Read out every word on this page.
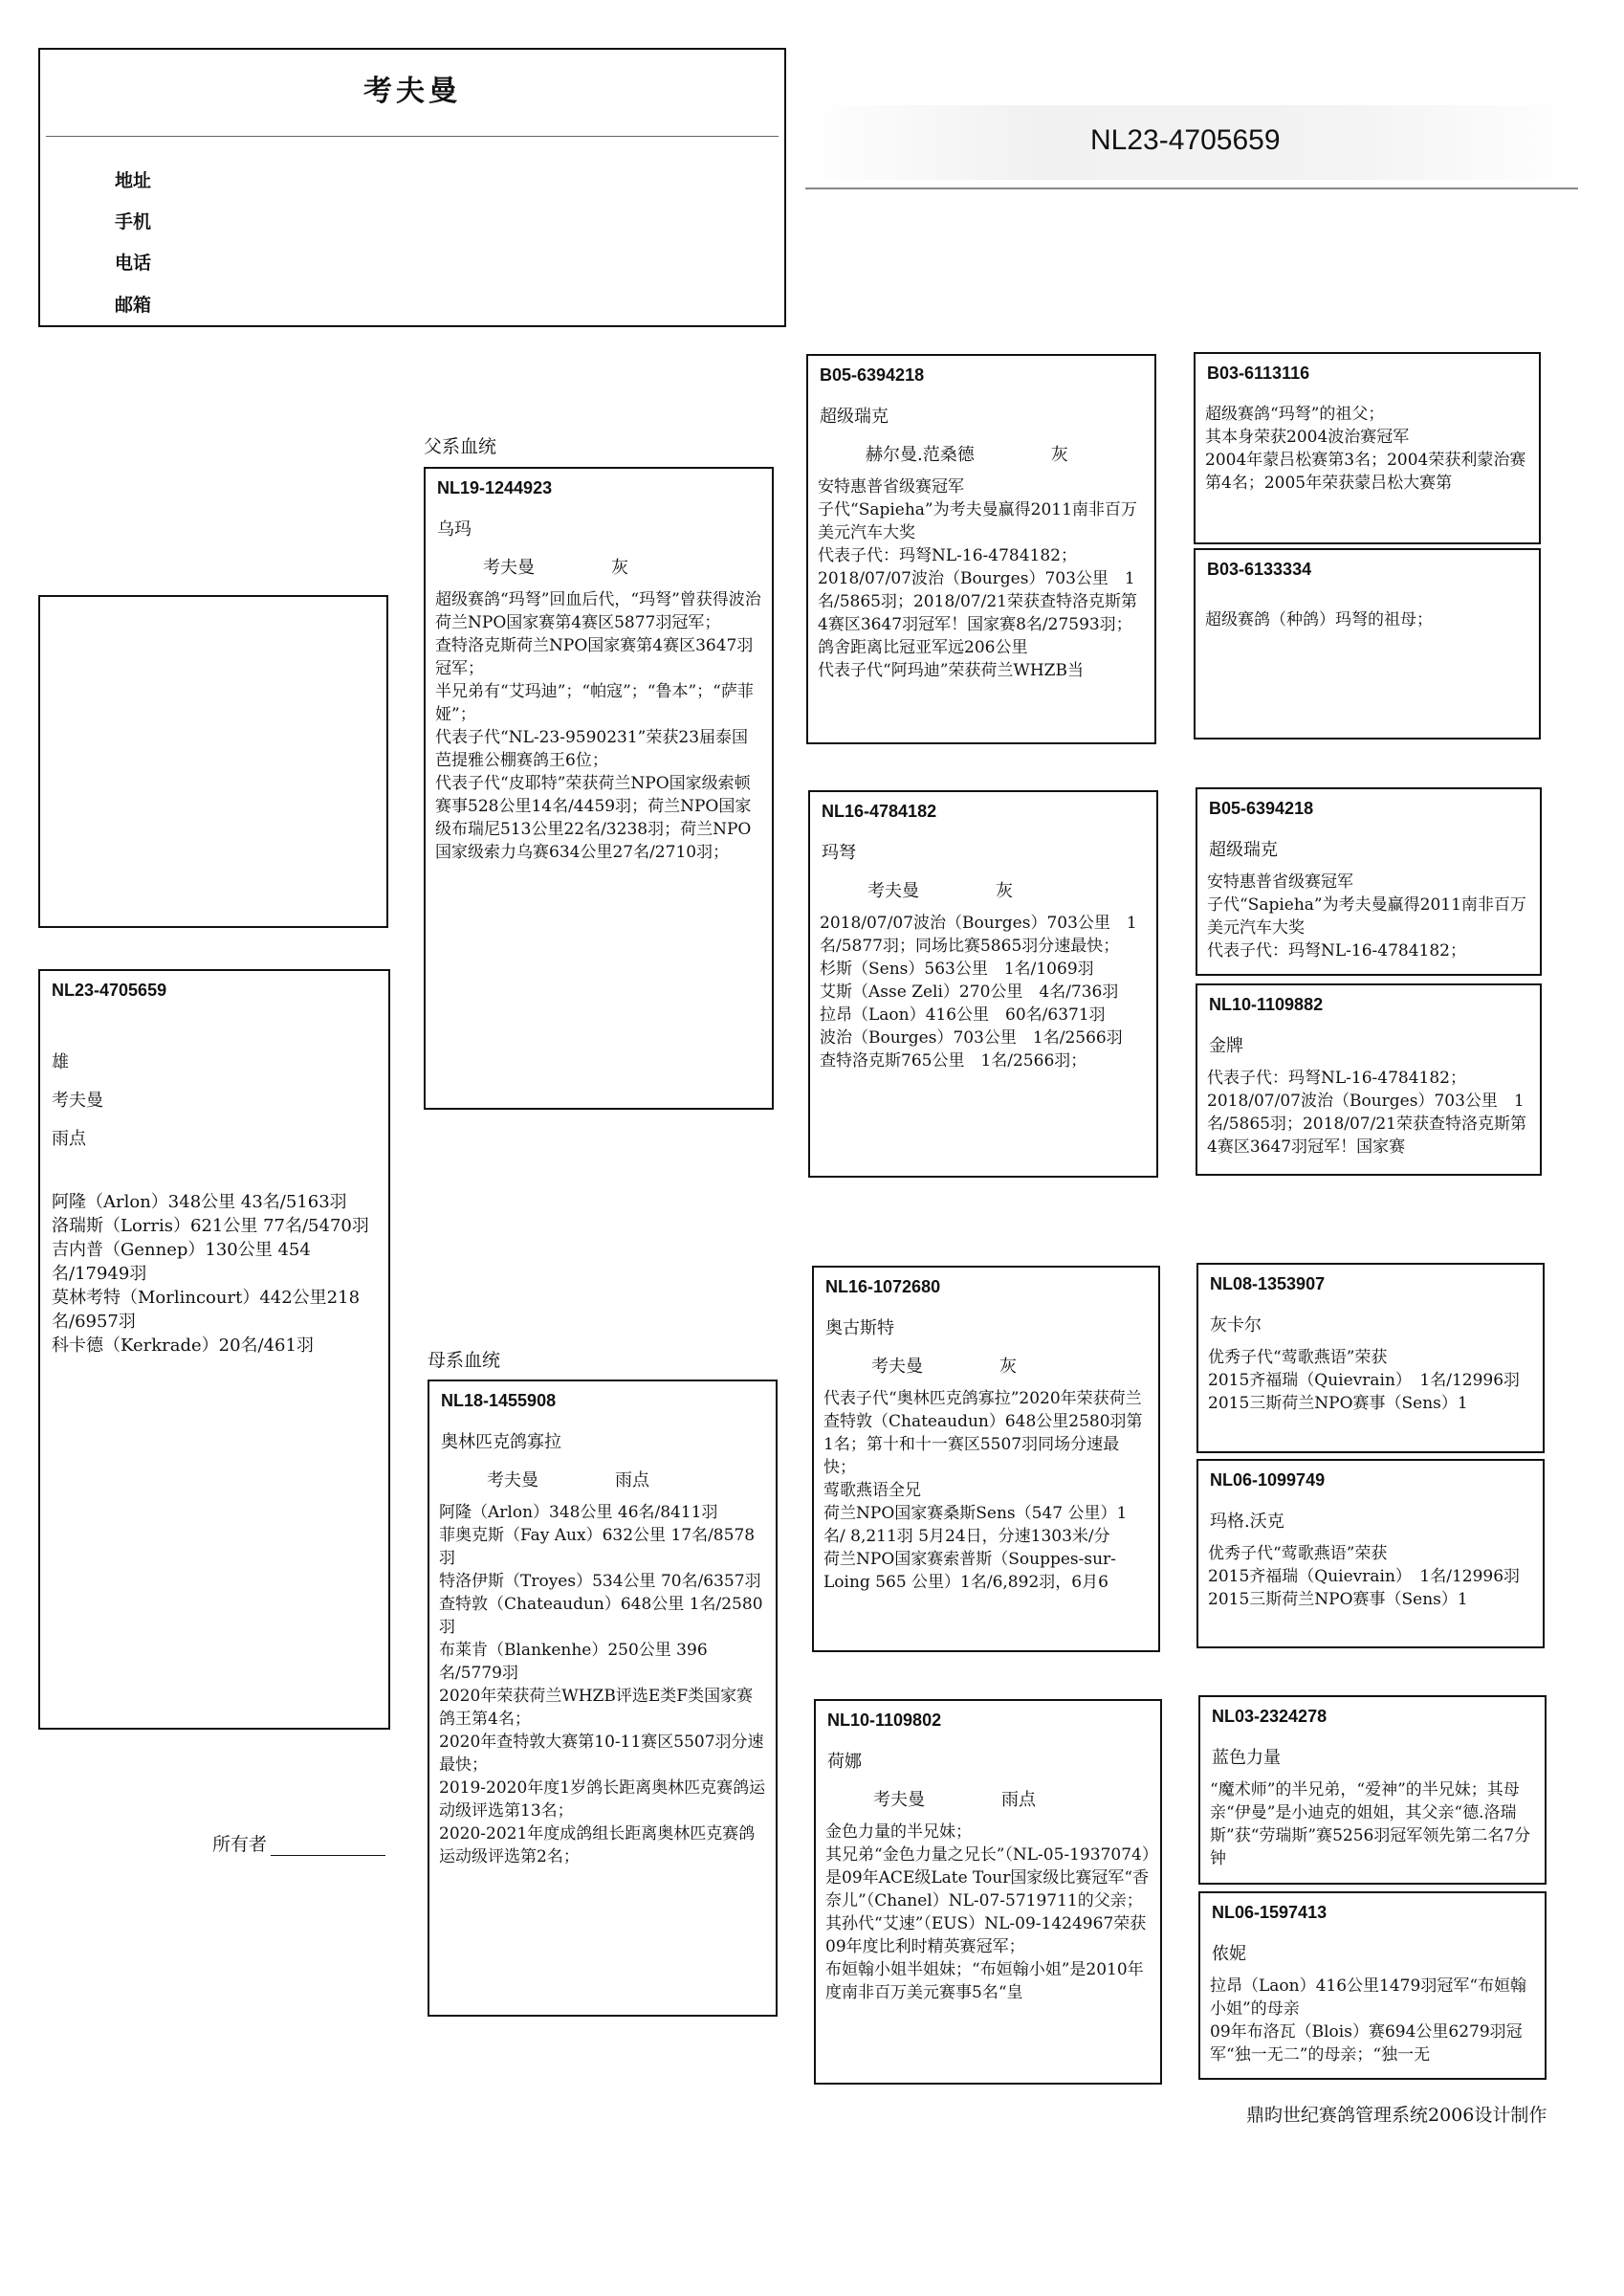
考夫曼
地址
手机
电话
邮箱
NL23-4705659
NL23-4705659
雄
考夫曼
雨点
阿隆（Arlon）348公里 43名/5163羽
洛瑞斯（Lorris）621公里 77名/5470羽
吉内普（Gennep）130公里 454名/17949羽
莫林考特（Morlincourt）442公里218名/6957羽
科卡德（Kerkrade）20名/461羽
所有者
父系血统
NL19-1244923
乌玛
考夫曼	灰
超级赛鸽“玛弩”回血后代，“玛弩”曾获得波治荷兰NPO国家赛第4赛区5877羽冠军；
查特洛克斯荷兰NPO国家赛第4赛区3647羽冠军；
半兄弟有“艾玛迪”；“帕寇”；“鲁本”；“萨菲娅”；
代表子代“NL-23-9590231”荣获23届泰国芭提雅公棚赛鸽王6位；
代表子代“皮耶特”荣获荷兰NPO国家级索顿赛事528公里14名/4459羽；荷兰NPO国家级布瑞尼513公里22名/3238羽；荷兰NPO国家级索力乌赛634公里27名/2710羽；
母系血统
NL18-1455908
奥林匹克鸽寡拉
考夫曼	雨点
阿隆（Arlon）348公里 46名/8411羽
菲奥克斯（Fay Aux）632公里 17名/8578羽
特洛伊斯（Troyes）534公里 70名/6357羽
查特敦（Chateaudun）648公里 1名/2580羽
布莱肯（Blankenhe）250公里 396名/5779羽
2020年荣获荷兰WHZB评选E类F类国家赛鸽王第4名；
2020年查特敦大赛第10-11赛区5507羽分速最快；
2019-2020年度1岁鸽长距离奥林匹克赛鸽运动级评选第13名；
2020-2021年度成鸽组长距离奥林匹克赛鸽运动级评选第2名；
B05-6394218
超级瑞克
赫尔曼.范桑德	灰
安特惠普省级赛冠军
子代“Sapieha”为考夫曼赢得2011南非百万美元汽车大奖
代表子代：玛弩NL-16-4784182；
2018/07/07波治（Bourges）703公里　1名/5865羽；2018/07/21荣获查特洛克斯第4赛区3647羽冠军！国家赛8名/27593羽；鸽舍距离比冠亚军远206公里
代表子代“阿玛迪”荣获荷兰WHZB当
NL16-4784182
玛弩
考夫曼	灰
2018/07/07波治（Bourges）703公里　1名/5877羽；同场比赛5865羽分速最快；
杉斯（Sens）563公里　1名/1069羽
艾斯（Asse Zeli）270公里　4名/736羽
拉昂（Laon）416公里　60名/6371羽
波治（Bourges）703公里　1名/2566羽
查特洛克斯765公里　1名/2566羽；
NL16-1072680
奥古斯特
考夫曼	灰
代表子代“奥林匹克鸽寡拉”2020年荣获荷兰查特敦（Chateaudun）648公里2580羽第1名；第十和十一赛区5507羽同场分速最快；
莺歌燕语全兄
荷兰NPO国家赛桑斯Sens（547 公里）1名/ 8,211羽 5月24日，分速1303米/分
荷兰NPO国家赛索普斯（Souppes-sur-Loing 565 公里）1名/6,892羽，6月6
NL10-1109802
荷娜
考夫曼	雨点
金色力量的半兄妹；
其兄弟“金色力量之兄长”（NL-05-1937074）是09年ACE级Late Tour国家级比赛冠军“香奈儿”（Chanel）NL-07-5719711的父亲；
其孙代“艾速”（EUS）NL-09-1424967荣获09年度比利时精英赛冠军；
布姮翰小姐半姐妹；“布姮翰小姐”是2010年度南非百万美元赛事5名“皇
B03-6113116
超级赛鸽“玛弩”的祖父；
其本身荣获2004波治赛冠军
2004年蒙吕松赛第3名；2004荣获利蒙治赛第4名；2005年荣获蒙吕松大赛第
B03-6133334
超级赛鸽（种鸽）玛弩的祖母；
B05-6394218
超级瑞克
安特惠普省级赛冠军
子代“Sapieha”为考夫曼赢得2011南非百万美元汽车大奖
代表子代：玛弩NL-16-4784182；
NL10-1109882
金牌
代表子代：玛弩NL-16-4784182；
2018/07/07波治（Bourges）703公里　1名/5865羽；2018/07/21荣获查特洛克斯第4赛区3647羽冠军！国家赛
NL08-1353907
灰卡尔
优秀子代“莺歌燕语”荣获
2015齐福瑞（Quievrain）　1名/12996羽
2015三斯荷兰NPO赛事（Sens）1
NL06-1099749
玛格.沃克
优秀子代“莺歌燕语”荣获
2015齐福瑞（Quievrain）　1名/12996羽
2015三斯荷兰NPO赛事（Sens）1
NL03-2324278
蓝色力量
“魔术师”的半兄弟，“爱神”的半兄妹；其母亲“伊曼”是小迪克的姐姐，其父亲“德.洛瑞斯”获“劳瑞斯”赛5256羽冠军领先第二名7分钟
NL06-1597413
侬妮
拉昂（Laon）416公里1479羽冠军“布姮翰小姐”的母亲
09年布洛瓦（Blois）赛694公里6279羽冠军“独一无二”的母亲；“独一无
鼎昀世纪赛鸽管理系统2006设计制作
